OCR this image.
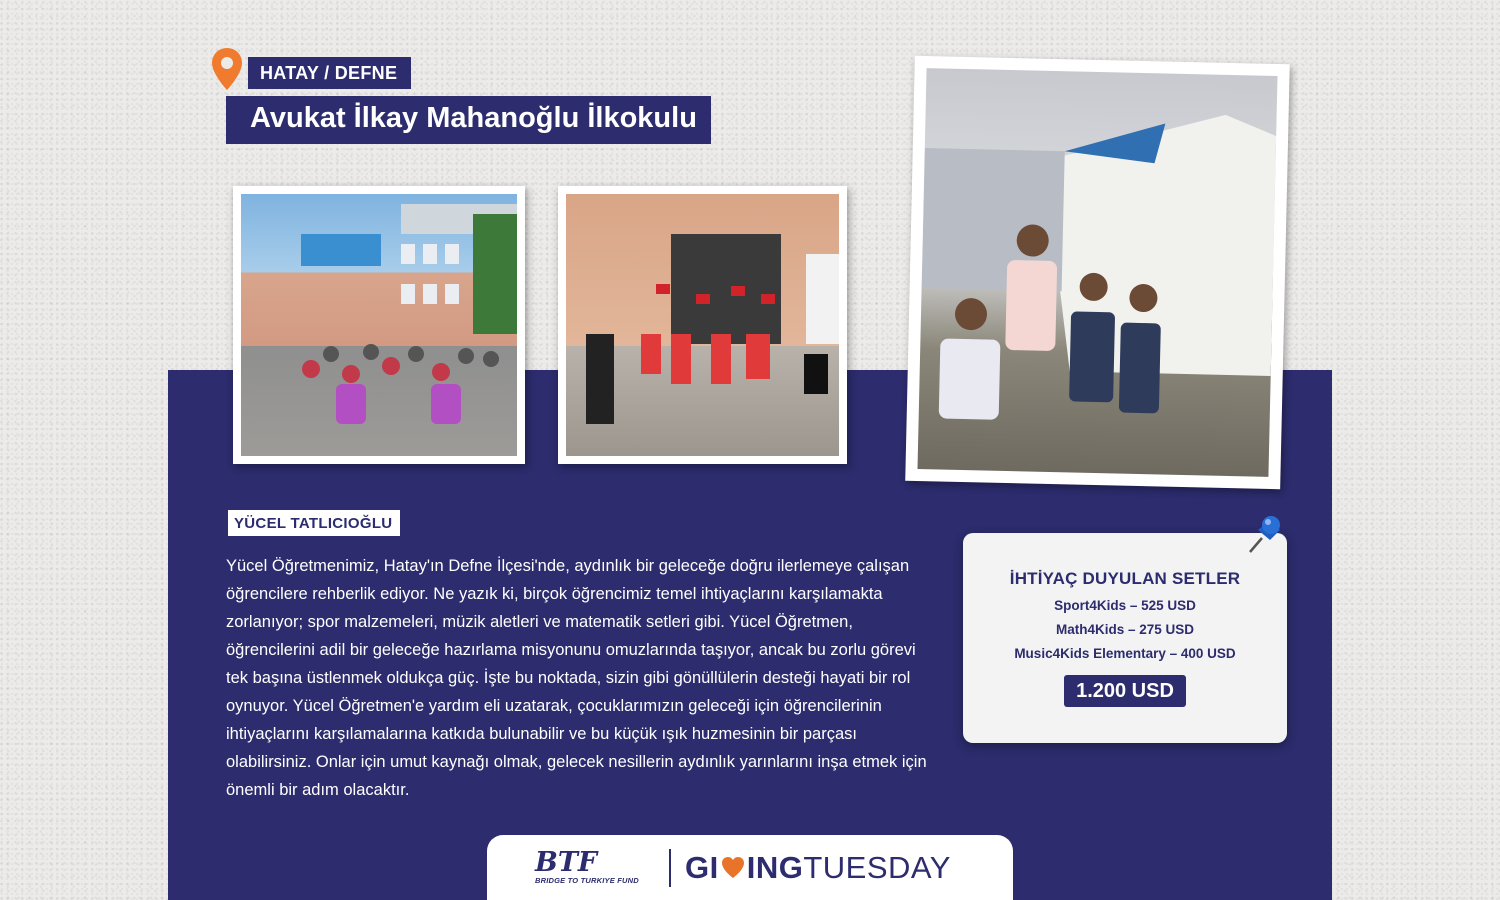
HATAY / DEFNE
Avukat İlkay Mahanoğlu İlkokulu
YÜCEL TATLICIOĞLU

Yücel Öğretmenimiz, Hatay'ın Defne İlçesi'nde, aydınlık bir geleceğe doğru ilerlemeye çalışan öğrencilere rehberlik ediyor. Ne yazık ki, birçok öğrencimiz temel ihtiyaçlarını karşılamakta zorlanıyor; spor malzemeleri, müzik aletleri ve matematik setleri gibi. Yücel Öğretmen, öğrencilerini adil bir geleceğe hazırlama misyonunu omuzlarında taşıyor, ancak bu zorlu görevi tek başına üstlenmek oldukça güç. İşte bu noktada, sizin gibi gönüllülerin desteği hayati bir rol oynuyor. Yücel Öğretmen'e yardım eli uzatarak, çocuklarımızın geleceği için öğrencilerinin ihtiyaçlarını karşılamalarına katkıda bulunabilir ve bu küçük ışık huzmesinin bir parçası olabilirsiniz. Onlar için umut kaynağı olmak, gelecek nesillerin aydınlık yarınlarını inşa etmek için önemli bir adım olacaktır.

İHTİYAÇ DUYULAN SETLER
Sport4Kids – 525 USD
Math4Kids – 275 USD
Music4Kids Elementary – 400 USD
1.200 USD
BTF
BRIDGE TO TURKIYE FUND	GI ING TUESDAY
